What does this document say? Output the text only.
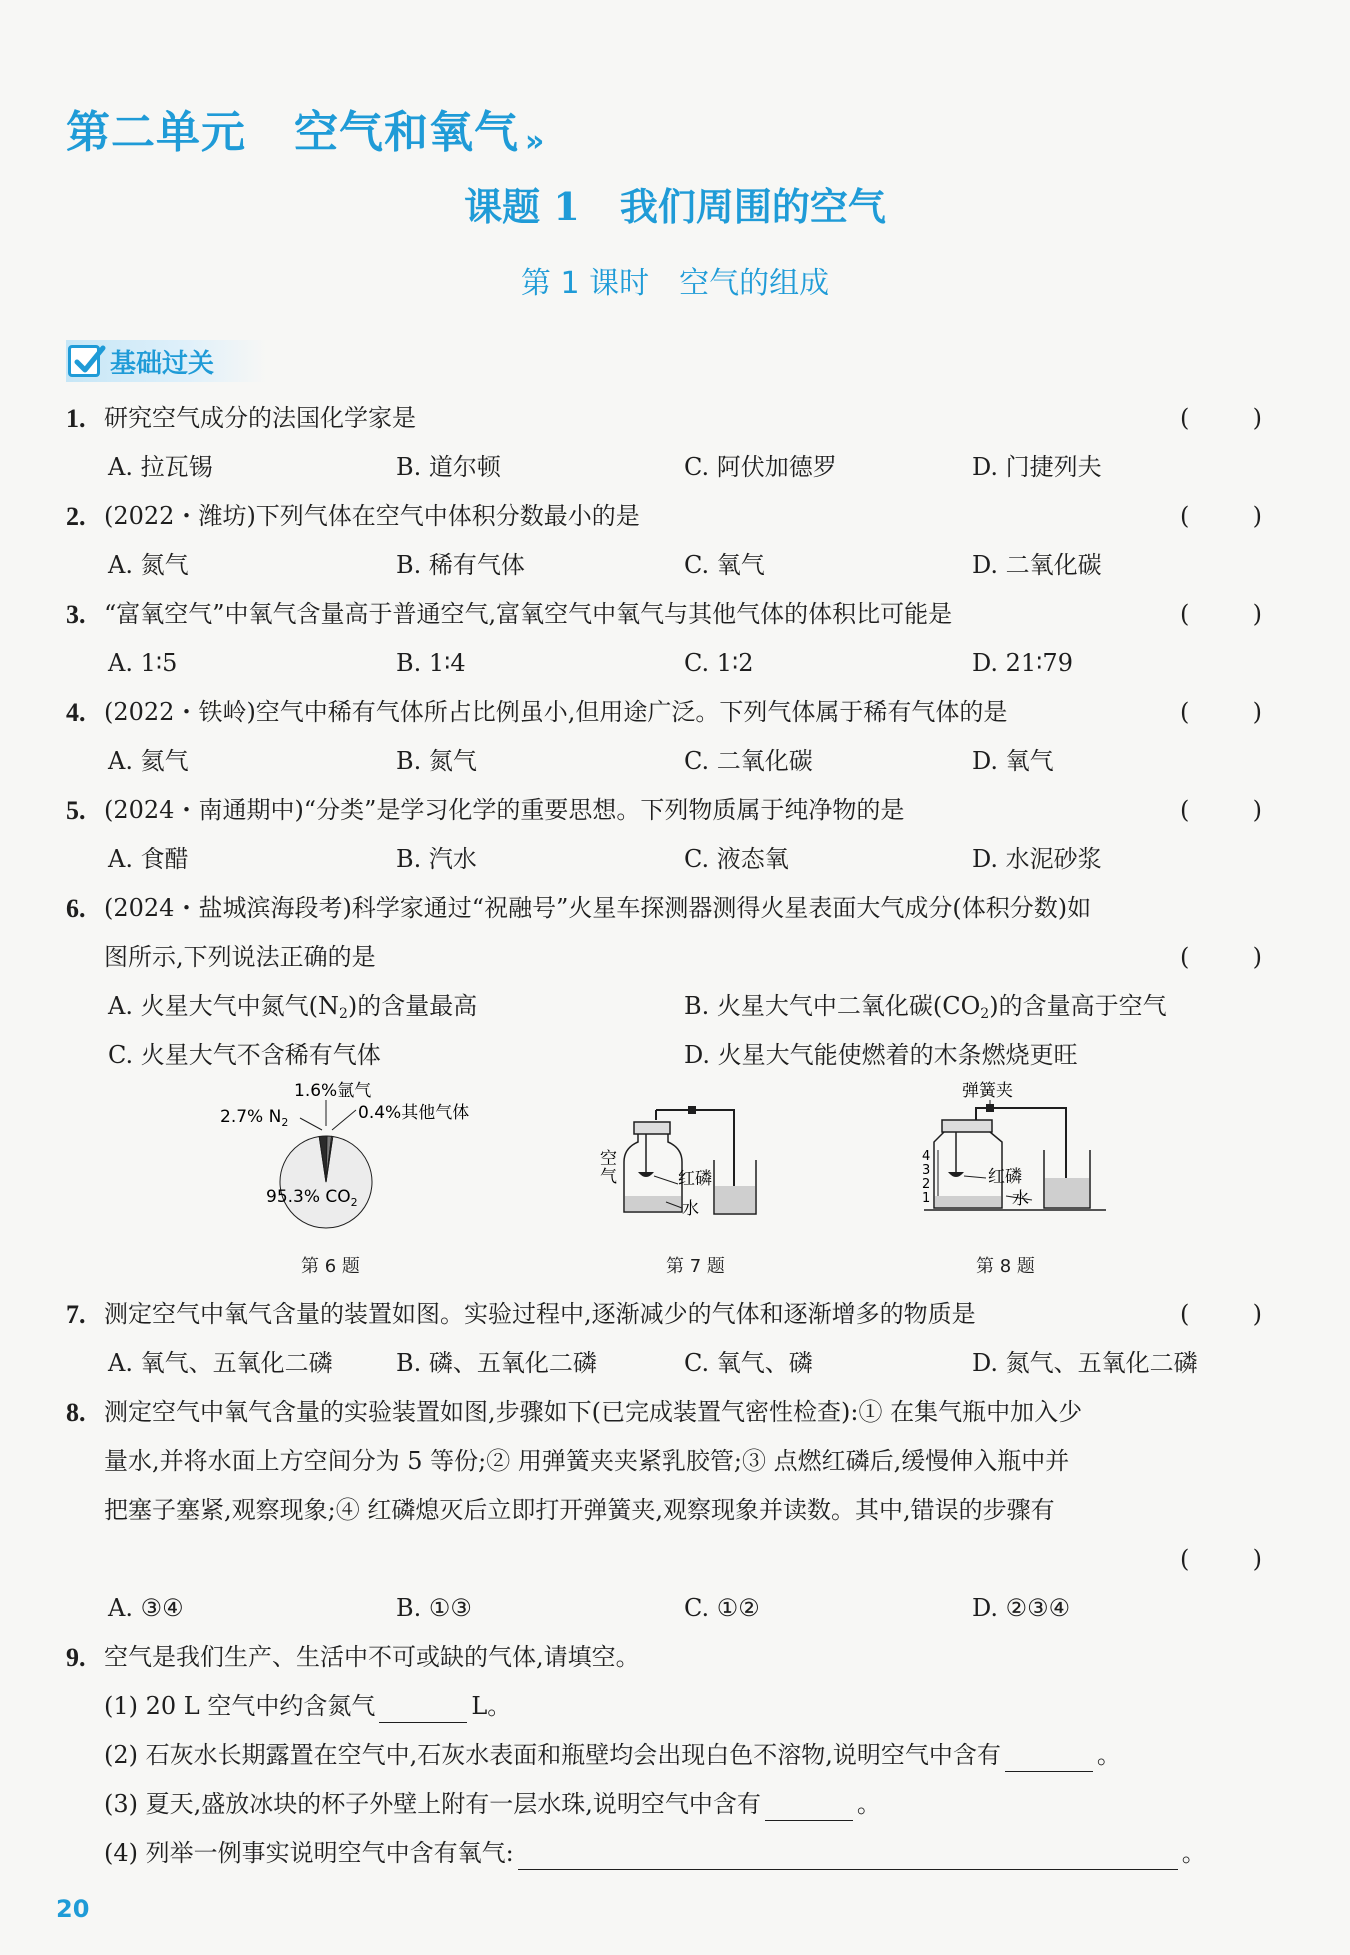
第二单元 空气和氧气 »
课题 1 我们周围的空气
第 1 课时 空气的组成
基础过关
1. 研究空气成分的法国化学家是	(	)
A. 拉瓦锡	B. 道尔顿	C. 阿伏加德罗	D. 门捷列夫
2. (2022・潍坊)下列气体在空气中体积分数最小的是	(	)
A. 氮气	B. 稀有气体	C. 氧气	D. 二氧化碳
3. “富氧空气”中氧气含量高于普通空气,富氧空气中氧气与其他气体的体积比可能是	(	)
A. 1∶5	B. 1∶4	C. 1∶2	D. 21∶79
4. (2022・铁岭)空气中稀有气体所占比例虽小,但用途广泛。下列气体属于稀有气体的是	(	)
A. 氦气	B. 氮气	C. 二氧化碳	D. 氧气
5. (2024・南通期中)“分类”是学习化学的重要思想。下列物质属于纯净物的是	(	)
A. 食醋	B. 汽水	C. 液态氧	D. 水泥砂浆
6. (2024・盐城滨海段考)科学家通过“祝融号”火星车探测器测得火星表面大气成分(体积分数)如
图所示,下列说法正确的是	(	)
A. 火星大气中氮气$(N_2)$的含量最高	B. 火星大气中二氧化碳$(CO_2)$的含量高于空气
C. 火星大气不含稀有气体	D. 火星大气能使燃着的木条燃烧更旺
1.6%氩气
2.7% $N_2$	0.4%其他气体
95.3% $CO_2$
第 6 题
空气	红磷
水
第 7 题
弹簧夹
4
3
2
1
红磷
水
第 8 题
7. 测定空气中氧气含量的装置如图。实验过程中,逐渐减少的气体和逐渐增多的物质是	(	)
A. 氧气、五氧化二磷	B. 磷、五氧化二磷	C. 氧气、磷	D. 氮气、五氧化二磷
8. 测定空气中氧气含量的实验装置如图,步骤如下(已完成装置气密性检查):① 在集气瓶中加入少
量水,并将水面上方空间分为 5 等份;② 用弹簧夹夹紧乳胶管;③ 点燃红磷后,缓慢伸入瓶中并
把塞子塞紧,观察现象;④ 红磷熄灭后立即打开弹簧夹,观察现象并读数。其中,错误的步骤有
(	)
A. ③④	B. ①③	C. ①②	D. ②③④
9. 空气是我们生产、生活中不可或缺的气体,请填空。
(1) 20 L 空气中约含氮气	L。
(2) 石灰水长期露置在空气中,石灰水表面和瓶壁均会出现白色不溶物,说明空气中含有	。
(3) 夏天,盛放冰块的杯子外壁上附有一层水珠,说明空气中含有	。
(4) 列举一例事实说明空气中含有氧气:	。
20
